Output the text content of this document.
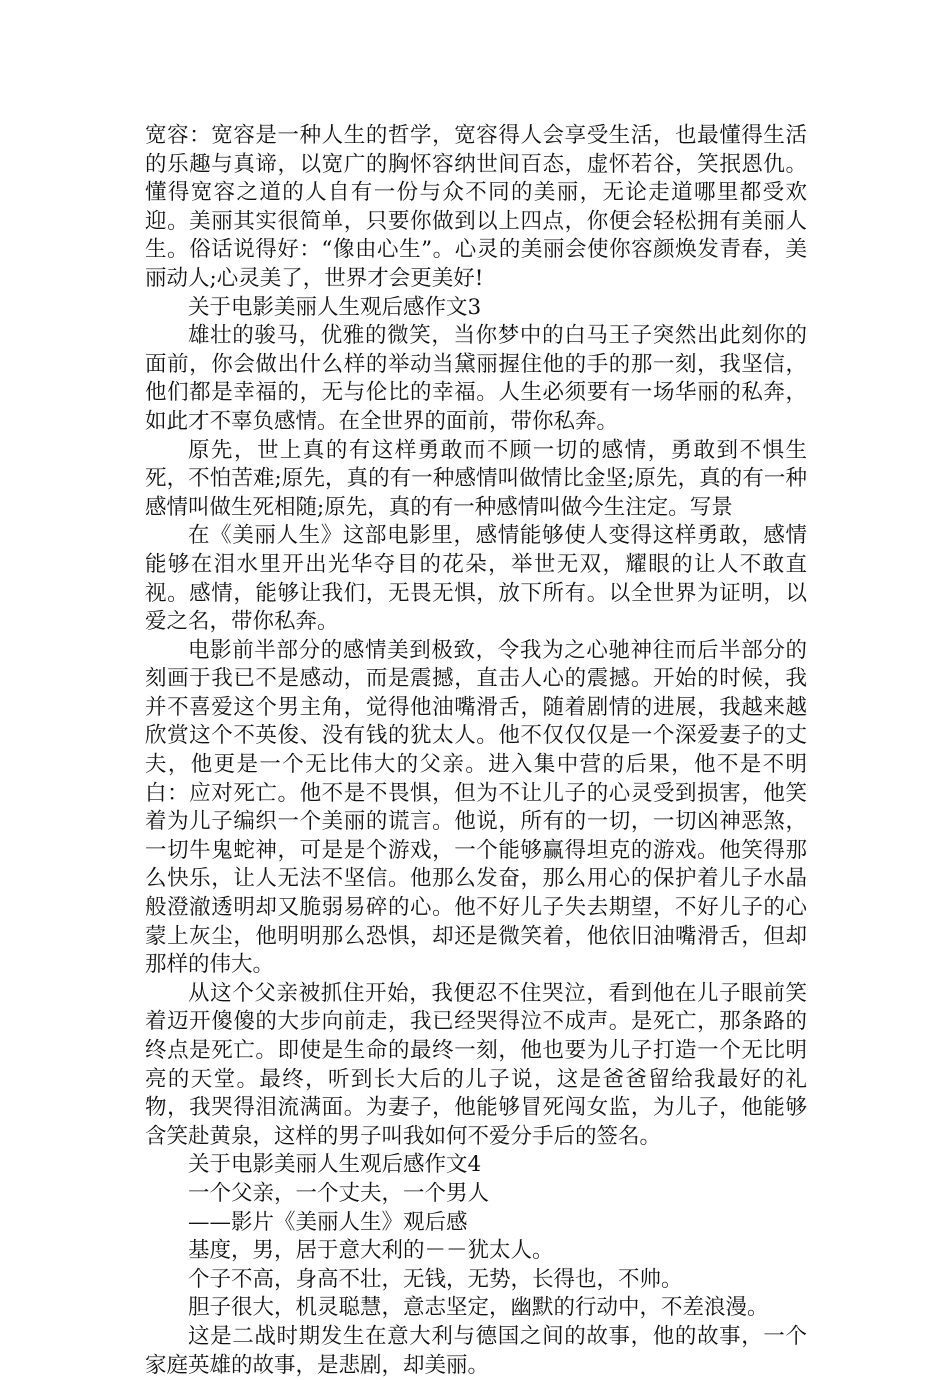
宽容：宽容是一种人生的哲学，宽容得人会享受生活，也最懂得生活的乐趣与真谛，以宽广的胸怀容纳世间百态，虚怀若谷，笑抿恩仇。懂得宽容之道的人自有一份与众不同的美丽，无论走道哪里都受欢迎。美丽其实很简单，只要你做到以上四点，你便会轻松拥有美丽人生。俗话说得好：“像由心生”。心灵的美丽会使你容颜焕发青春，美丽动人;心灵美了，世界才会更美好!

关于电影美丽人生观后感作文3

雄壮的骏马，优雅的微笑，当你梦中的白马王子突然出此刻你的面前，你会做出什么样的举动当黛丽握住他的手的那一刻，我坚信，他们都是幸福的，无与伦比的幸福。人生必须要有一场华丽的私奔，如此才不辜负感情。在全世界的面前，带你私奔。

原先，世上真的有这样勇敢而不顾一切的感情，勇敢到不惧生死，不怕苦难;原先，真的有一种感情叫做情比金坚;原先，真的有一种感情叫做生死相随;原先，真的有一种感情叫做今生注定。写景

在《美丽人生》这部电影里，感情能够使人变得这样勇敢，感情能够在泪水里开出光华夺目的花朵，举世无双，耀眼的让人不敢直视。感情，能够让我们，无畏无惧，放下所有。以全世界为证明，以爱之名，带你私奔。

电影前半部分的感情美到极致，令我为之心驰神往而后半部分的刻画于我已不是感动，而是震撼，直击人心的震撼。开始的时候，我并不喜爱这个男主角，觉得他油嘴滑舌，随着剧情的进展，我越来越欣赏这个不英俊、没有钱的犹太人。他不仅仅仅是一个深爱妻子的丈夫，他更是一个无比伟大的父亲。进入集中营的后果，他不是不明白：应对死亡。他不是不畏惧，但为不让儿子的心灵受到损害，他笑着为儿子编织一个美丽的谎言。他说，所有的一切，一切凶神恶煞，一切牛鬼蛇神，可是是个游戏，一个能够赢得坦克的游戏。他笑得那么快乐，让人无法不坚信。他那么发奋，那么用心的保护着儿子水晶般澄澈透明却又脆弱易碎的心。他不好儿子失去期望，不好儿子的心蒙上灰尘，他明明那么恐惧，却还是微笑着，他依旧油嘴滑舌，但却那样的伟大。

从这个父亲被抓住开始，我便忍不住哭泣，看到他在儿子眼前笑着迈开傻傻的大步向前走，我已经哭得泣不成声。是死亡，那条路的终点是死亡。即使是生命的最终一刻，他也要为儿子打造一个无比明亮的天堂。最终，听到长大后的儿子说，这是爸爸留给我最好的礼物，我哭得泪流满面。为妻子，他能够冒死闯女监，为儿子，他能够含笑赴黄泉，这样的男子叫我如何不爱分手后的签名。

关于电影美丽人生观后感作文4

一个父亲，一个丈夫，一个男人

——影片《美丽人生》观后感

基度，男，居于意大利的－－犹太人。

个子不高，身高不壮，无钱，无势，长得也，不帅。

胆子很大，机灵聪慧，意志坚定，幽默的行动中，不差浪漫。

这是二战时期发生在意大利与德国之间的故事，他的故事，一个家庭英雄的故事，是悲剧，却美丽。
